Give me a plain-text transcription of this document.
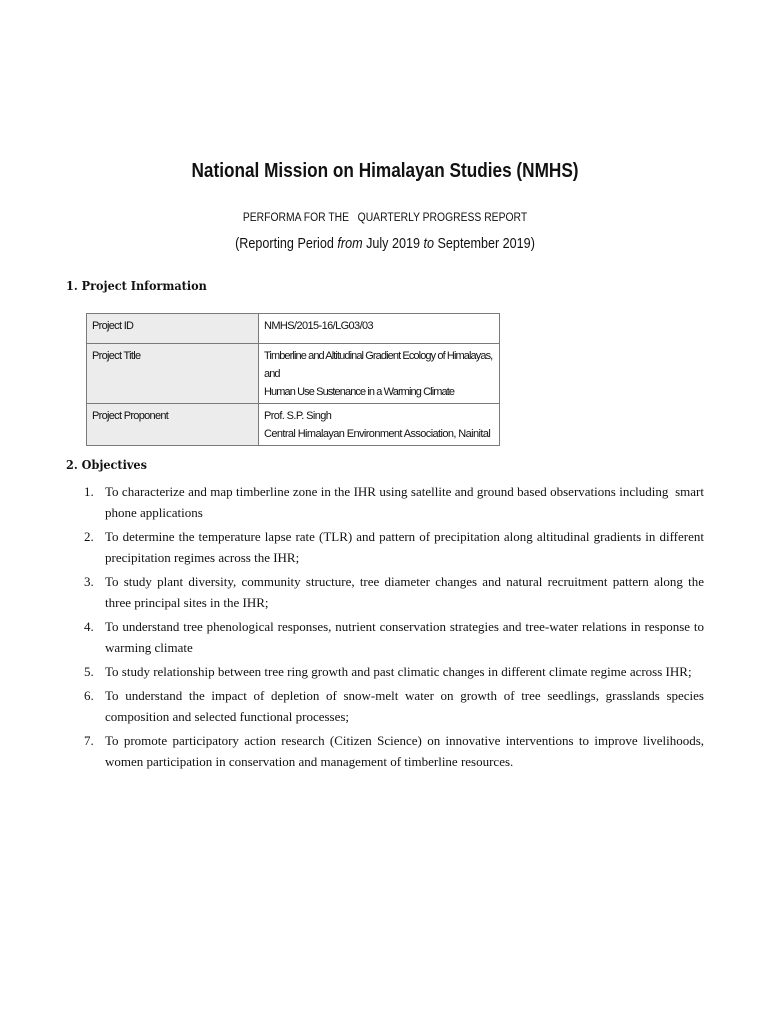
National Mission on Himalayan Studies (NMHS)
PERFORMA FOR THE   QUARTERLY PROGRESS REPORT
(Reporting Period from July 2019 to September 2019)
1. Project Information
Project ID	NMHS/2015-16/LG03/03

Project Title	Timberline and Altitudinal Gradient Ecology of Himalayas, and
Human Use Sustenance in a Warming Climate

Project Proponent	Prof. S.P. Singh
Central Himalayan Environment Association, Nainital
2. Objectives
1. To characterize and map timberline zone in the IHR using satellite and ground based observations including  smart phone applications
2. To determine the temperature lapse rate (TLR) and pattern of precipitation along altitudinal gradients in different precipitation regimes across the IHR;
3. To study plant diversity, community structure, tree diameter changes and natural recruitment pattern along the three principal sites in the IHR;
4. To understand tree phenological responses, nutrient conservation strategies and tree-water relations in response to warming climate
5. To study relationship between tree ring growth and past climatic changes in different climate regime across IHR;
6. To understand the impact of depletion of snow-melt water on growth of tree seedlings, grasslands species composition and selected functional processes;
7. To promote participatory action research (Citizen Science) on innovative interventions to improve livelihoods, women participation in conservation and management of timberline resources.
